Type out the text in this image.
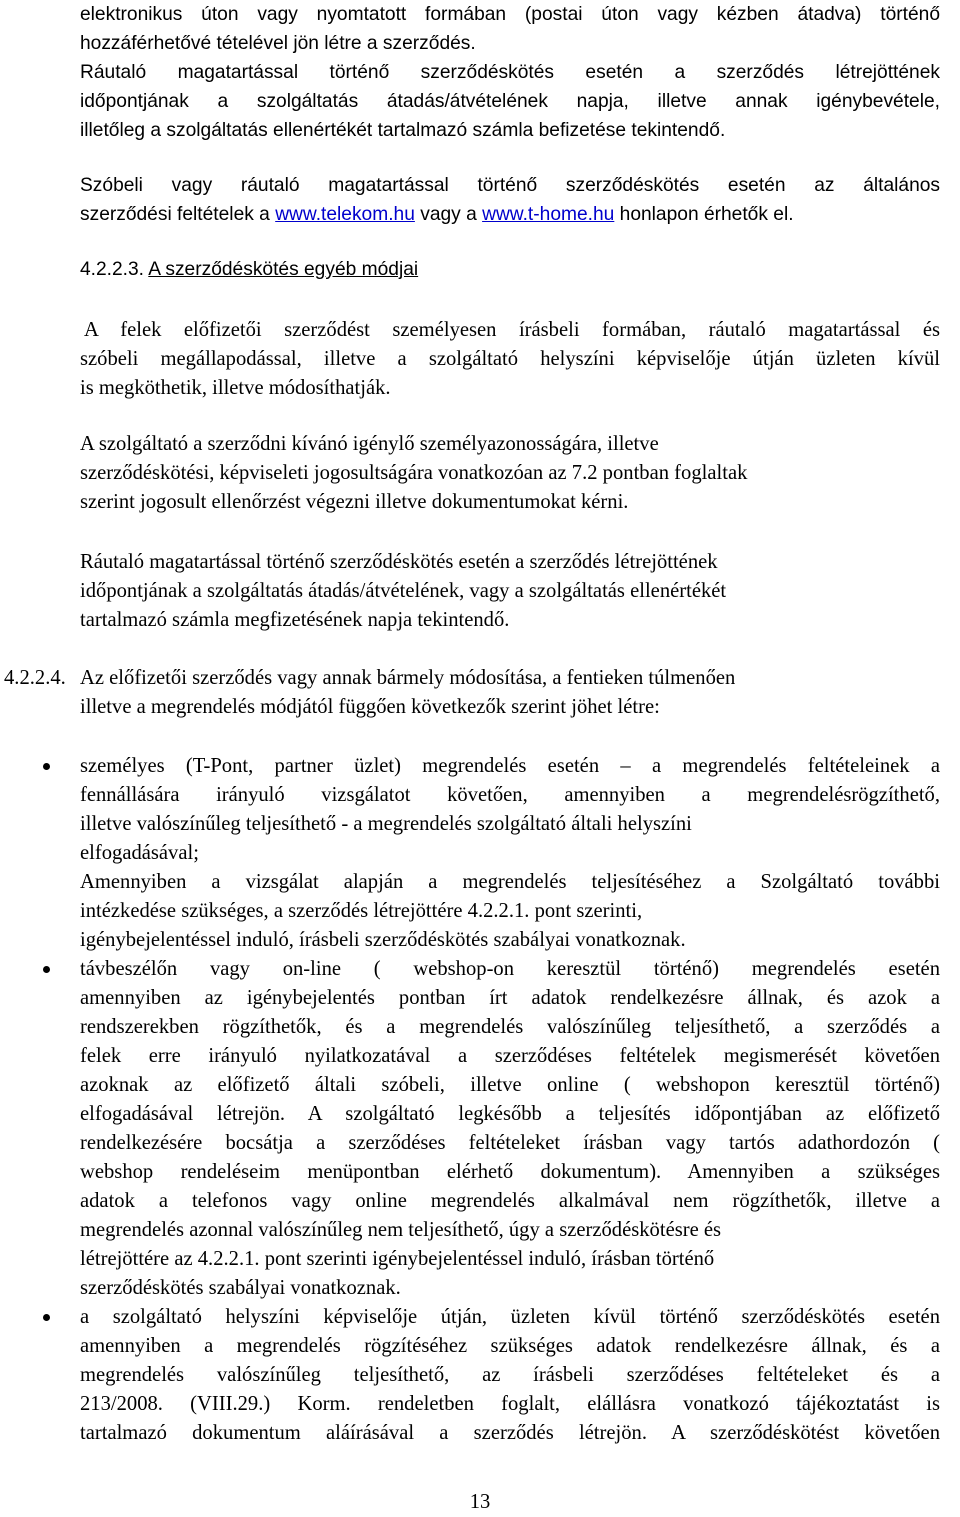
elektronikus úton vagy nyomtatott formában (postai úton vagy kézben átadva) történő
hozzáférhetővé tételével jön létre a szerződés.
Ráutaló magatartással történő szerződéskötés esetén a szerződés létrejöttének
időpontjának a szolgáltatás átadás/átvételének napja, illetve annak igénybevétele,
illetőleg a szolgáltatás ellenértékét tartalmazó számla befizetése tekintendő.
Szóbeli vagy ráutaló magatartással történő szerződéskötés esetén az általános
szerződési feltételek a www.telekom.hu vagy a www.t-home.hu honlapon érhetők el.
4.2.2.3. A szerződéskötés egyéb módjai
A felek előfizetői szerződést személyesen írásbeli formában, ráutaló magatartással és
szóbeli megállapodással, illetve a szolgáltató helyszíni képviselője útján üzleten kívül
is megköthetik, illetve módosíthatják.
A szolgáltató a szerződni kívánó igénylő személyazonosságára, illetve
szerződéskötési, képviseleti jogosultságára vonatkozóan az 7.2 pontban foglaltak
szerint jogosult ellenőrzést végezni illetve dokumentumokat kérni.
Ráutaló magatartással történő szerződéskötés esetén a szerződés létrejöttének
időpontjának a szolgáltatás átadás/átvételének, vagy a szolgáltatás ellenértékét
tartalmazó számla megfizetésének napja tekintendő.
4.2.2.4. Az előfizetői szerződés vagy annak bármely módosítása, a fentieken túlmenően
illetve a megrendelés módjától függően következők szerint jöhet létre:
személyes (T-Pont, partner üzlet) megrendelés esetén – a megrendelés feltételeinek a
fennállására irányuló vizsgálatot követően, amennyiben a megrendelésrögzíthető,
illetve valószínűleg teljesíthető - a megrendelés szolgáltató általi helyszíni
elfogadásával;
Amennyiben a vizsgálat alapján a megrendelés teljesítéséhez a Szolgáltató további
intézkedése szükséges, a szerződés létrejöttére 4.2.2.1. pont szerinti,
igénybejelentéssel induló, írásbeli szerződéskötés szabályai vonatkoznak.
távbeszélőn vagy on-line ( webshop-on keresztül történő) megrendelés esetén
amennyiben az igénybejelentés pontban írt adatok rendelkezésre állnak, és azok a
rendszerekben rögzíthetők, és a megrendelés valószínűleg teljesíthető, a szerződés a
felek erre irányuló nyilatkozatával a szerződéses feltételek megismerését követően
azoknak az előfizető általi szóbeli, illetve online ( webshopon keresztül történő)
elfogadásával létrejön. A szolgáltató legkésőbb a teljesítés időpontjában az előfizető
rendelkezésére bocsátja a szerződéses feltételeket írásban vagy tartós adathordozón (
webshop rendeléseim menüpontban elérhető dokumentum). Amennyiben a szükséges
adatok a telefonos vagy online megrendelés alkalmával nem rögzíthetők, illetve a
megrendelés azonnal valószínűleg nem teljesíthető, úgy a szerződéskötésre és
létrejöttére az 4.2.2.1. pont szerinti igénybejelentéssel induló, írásban történő
szerződéskötés szabályai vonatkoznak.
a szolgáltató helyszíni képviselője útján, üzleten kívül történő szerződéskötés esetén
amennyiben a megrendelés rögzítéséhez szükséges adatok rendelkezésre állnak, és a
megrendelés valószínűleg teljesíthető, az írásbeli szerződéses feltételeket és a
213/2008. (VIII.29.) Korm. rendeletben foglalt, elállásra vonatkozó tájékoztatást is
tartalmazó dokumentum aláírásával a szerződés létrejön. A szerződéskötést követően
13
